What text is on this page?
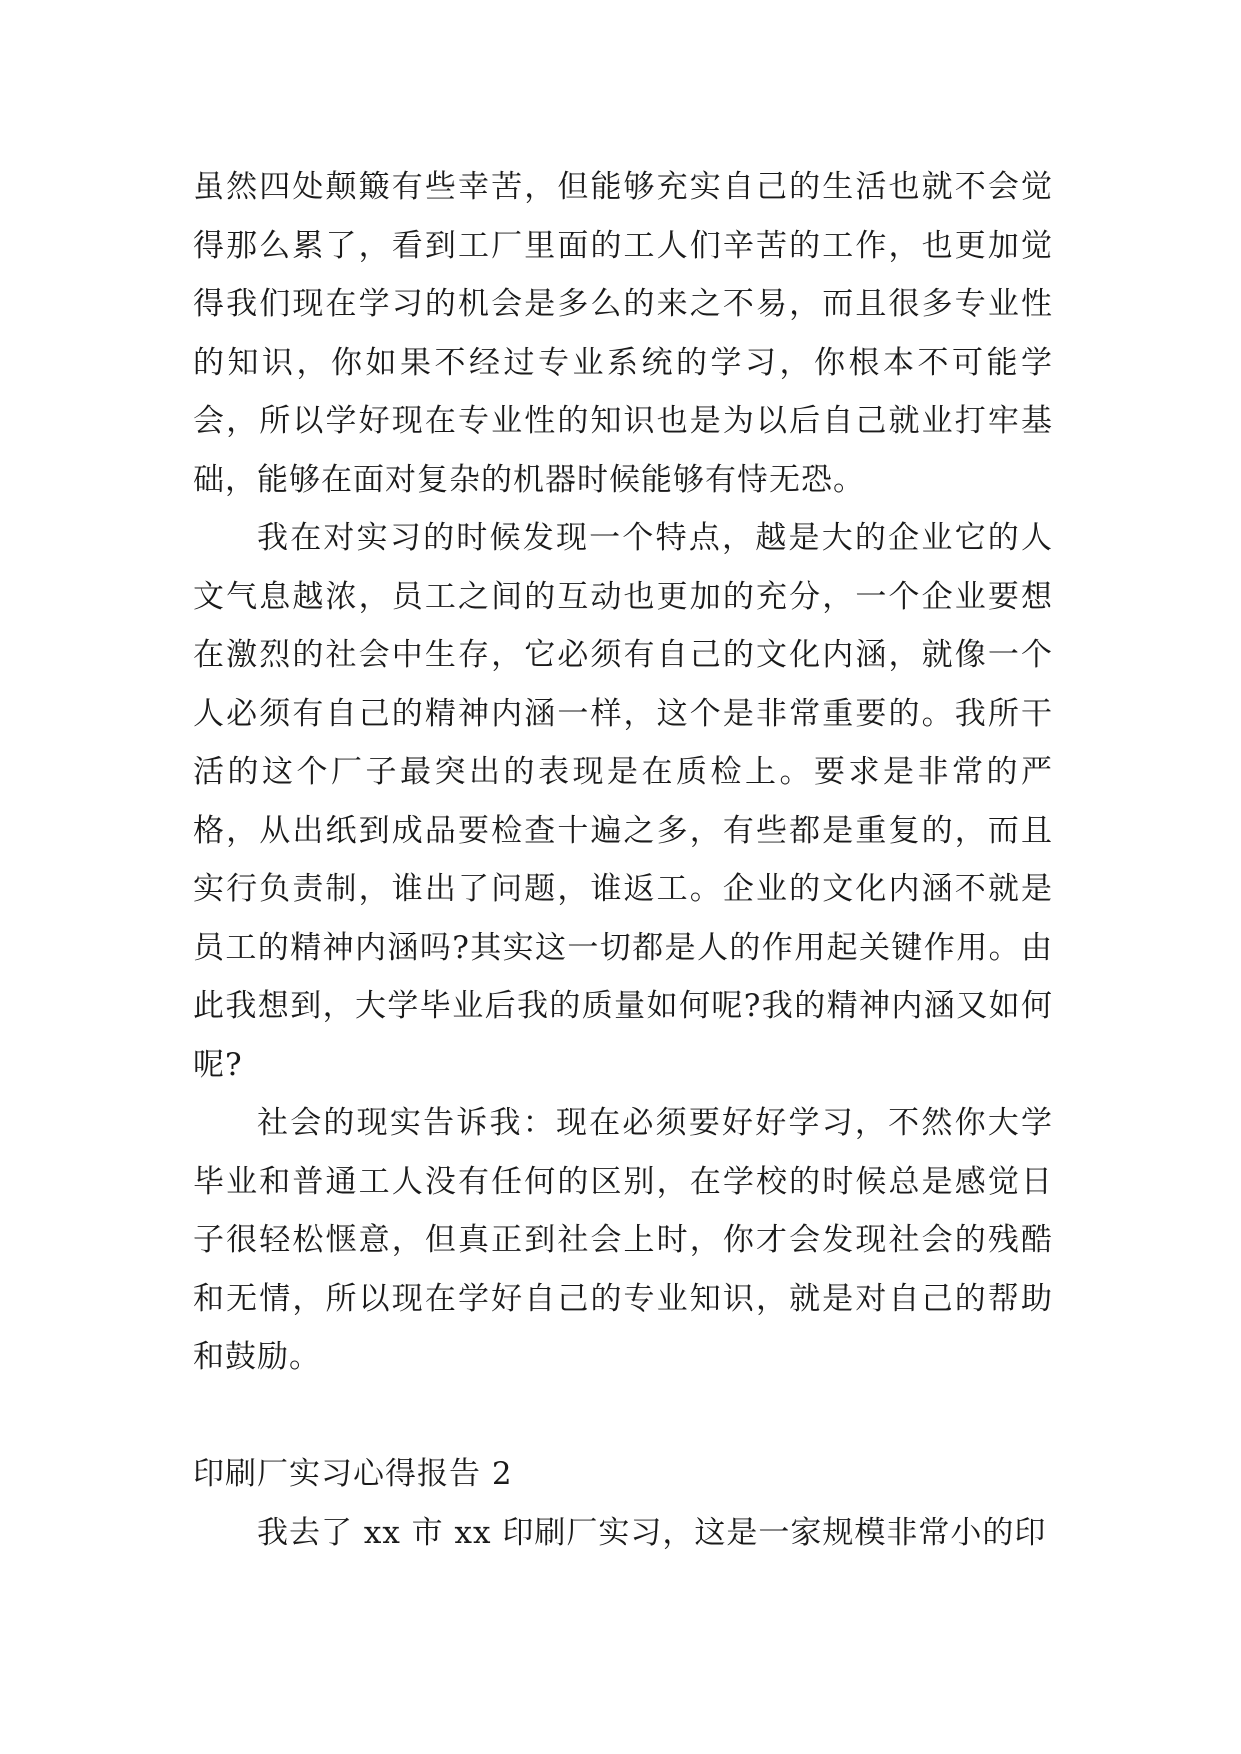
虽然四处颠簸有些幸苦，但能够充实自己的生活也就不会觉得那么累了，看到工厂里面的工人们辛苦的工作，也更加觉得我们现在学习的机会是多么的来之不易，而且很多专业性的知识，你如果不经过专业系统的学习，你根本不可能学会，所以学好现在专业性的知识也是为以后自己就业打牢基础，能够在面对复杂的机器时候能够有恃无恐。

我在对实习的时候发现一个特点，越是大的企业它的人文气息越浓，员工之间的互动也更加的充分，一个企业要想在激烈的社会中生存，它必须有自己的文化内涵，就像一个人必须有自己的精神内涵一样，这个是非常重要的。我所干活的这个厂子最突出的表现是在质检上。要求是非常的严格，从出纸到成品要检查十遍之多，有些都是重复的，而且实行负责制，谁出了问题，谁返工。企业的文化内涵不就是员工的精神内涵吗?其实这一切都是人的作用起关键作用。由此我想到，大学毕业后我的质量如何呢?我的精神内涵又如何呢?

社会的现实告诉我：现在必须要好好学习，不然你大学毕业和普通工人没有任何的区别，在学校的时候总是感觉日子很轻松惬意，但真正到社会上时，你才会发现社会的残酷和无情，所以现在学好自己的专业知识，就是对自己的帮助和鼓励。

印刷厂实习心得报告 2

我去了 xx 市 xx 印刷厂实习，这是一家规模非常小的印
